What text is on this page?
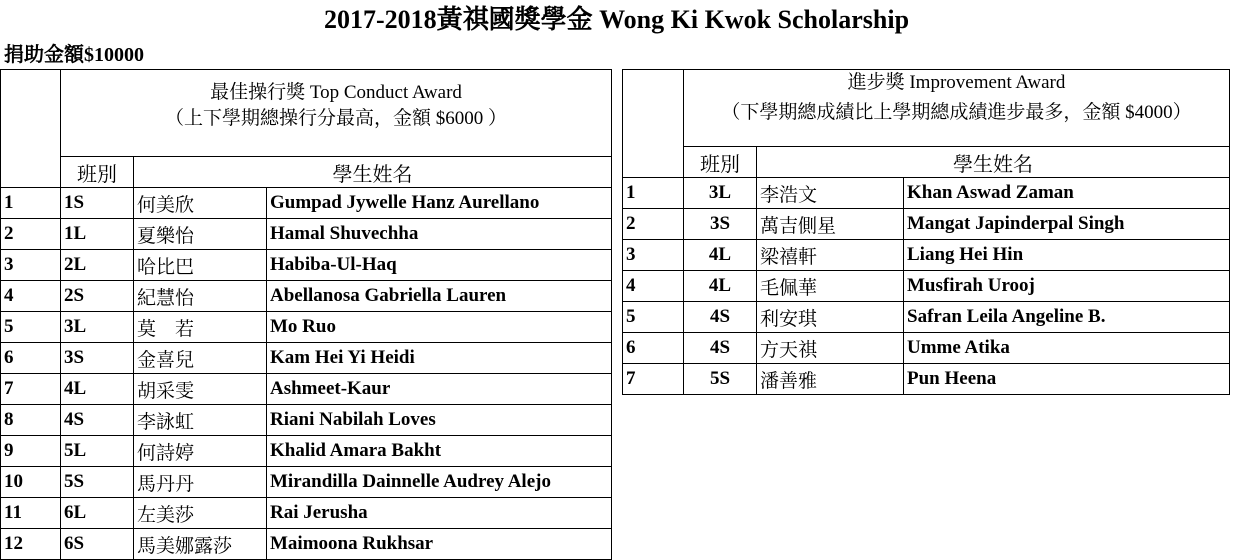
2017-2018黃祺國獎學金 Wong Ki Kwok Scholarship
捐助金額$10000

	最佳操行獎 Top Conduct Award
（上下學期總操行分最高，金額 $6000 ）		

	班別	學生姓名	
1	1S	何美欣	Gumpad Jywelle Hanz Aurellano
2	1L	夏樂怡	Hamal Shuvechha
3	2L	哈比巴	Habiba-Ul-Haq
4	2S	紀慧怡	Abellanosa Gabriella Lauren
5	3L	莫　若	Mo Ruo
6	3S	金喜兒	Kam Hei Yi Heidi
7	4L	胡采雯	Ashmeet-Kaur
8	4S	李詠虹	Riani Nabilah Loves
9	5L	何詩婷	Khalid Amara Bakht
10	5S	馬丹丹	Mirandilla Dainnelle Audrey Alejo
11	6L	左美莎	Rai Jerusha
12	6S	馬美娜露莎	Maimoona Rukhsar

	進步獎 Improvement Award
（下學期總成績比上學期總成績進步最多，金額 $4000）		

	班別	學生姓名	
1	3L	李浩文	Khan Aswad Zaman
2	3S	萬吉側星	Mangat Japinderpal Singh
3	4L	梁禧軒	Liang Hei Hin
4	4L	毛佩華	Musfirah Urooj
5	4S	利安琪	Safran Leila Angeline B.
6	4S	方天祺	Umme Atika
7	5S	潘善雅	Pun Heena
